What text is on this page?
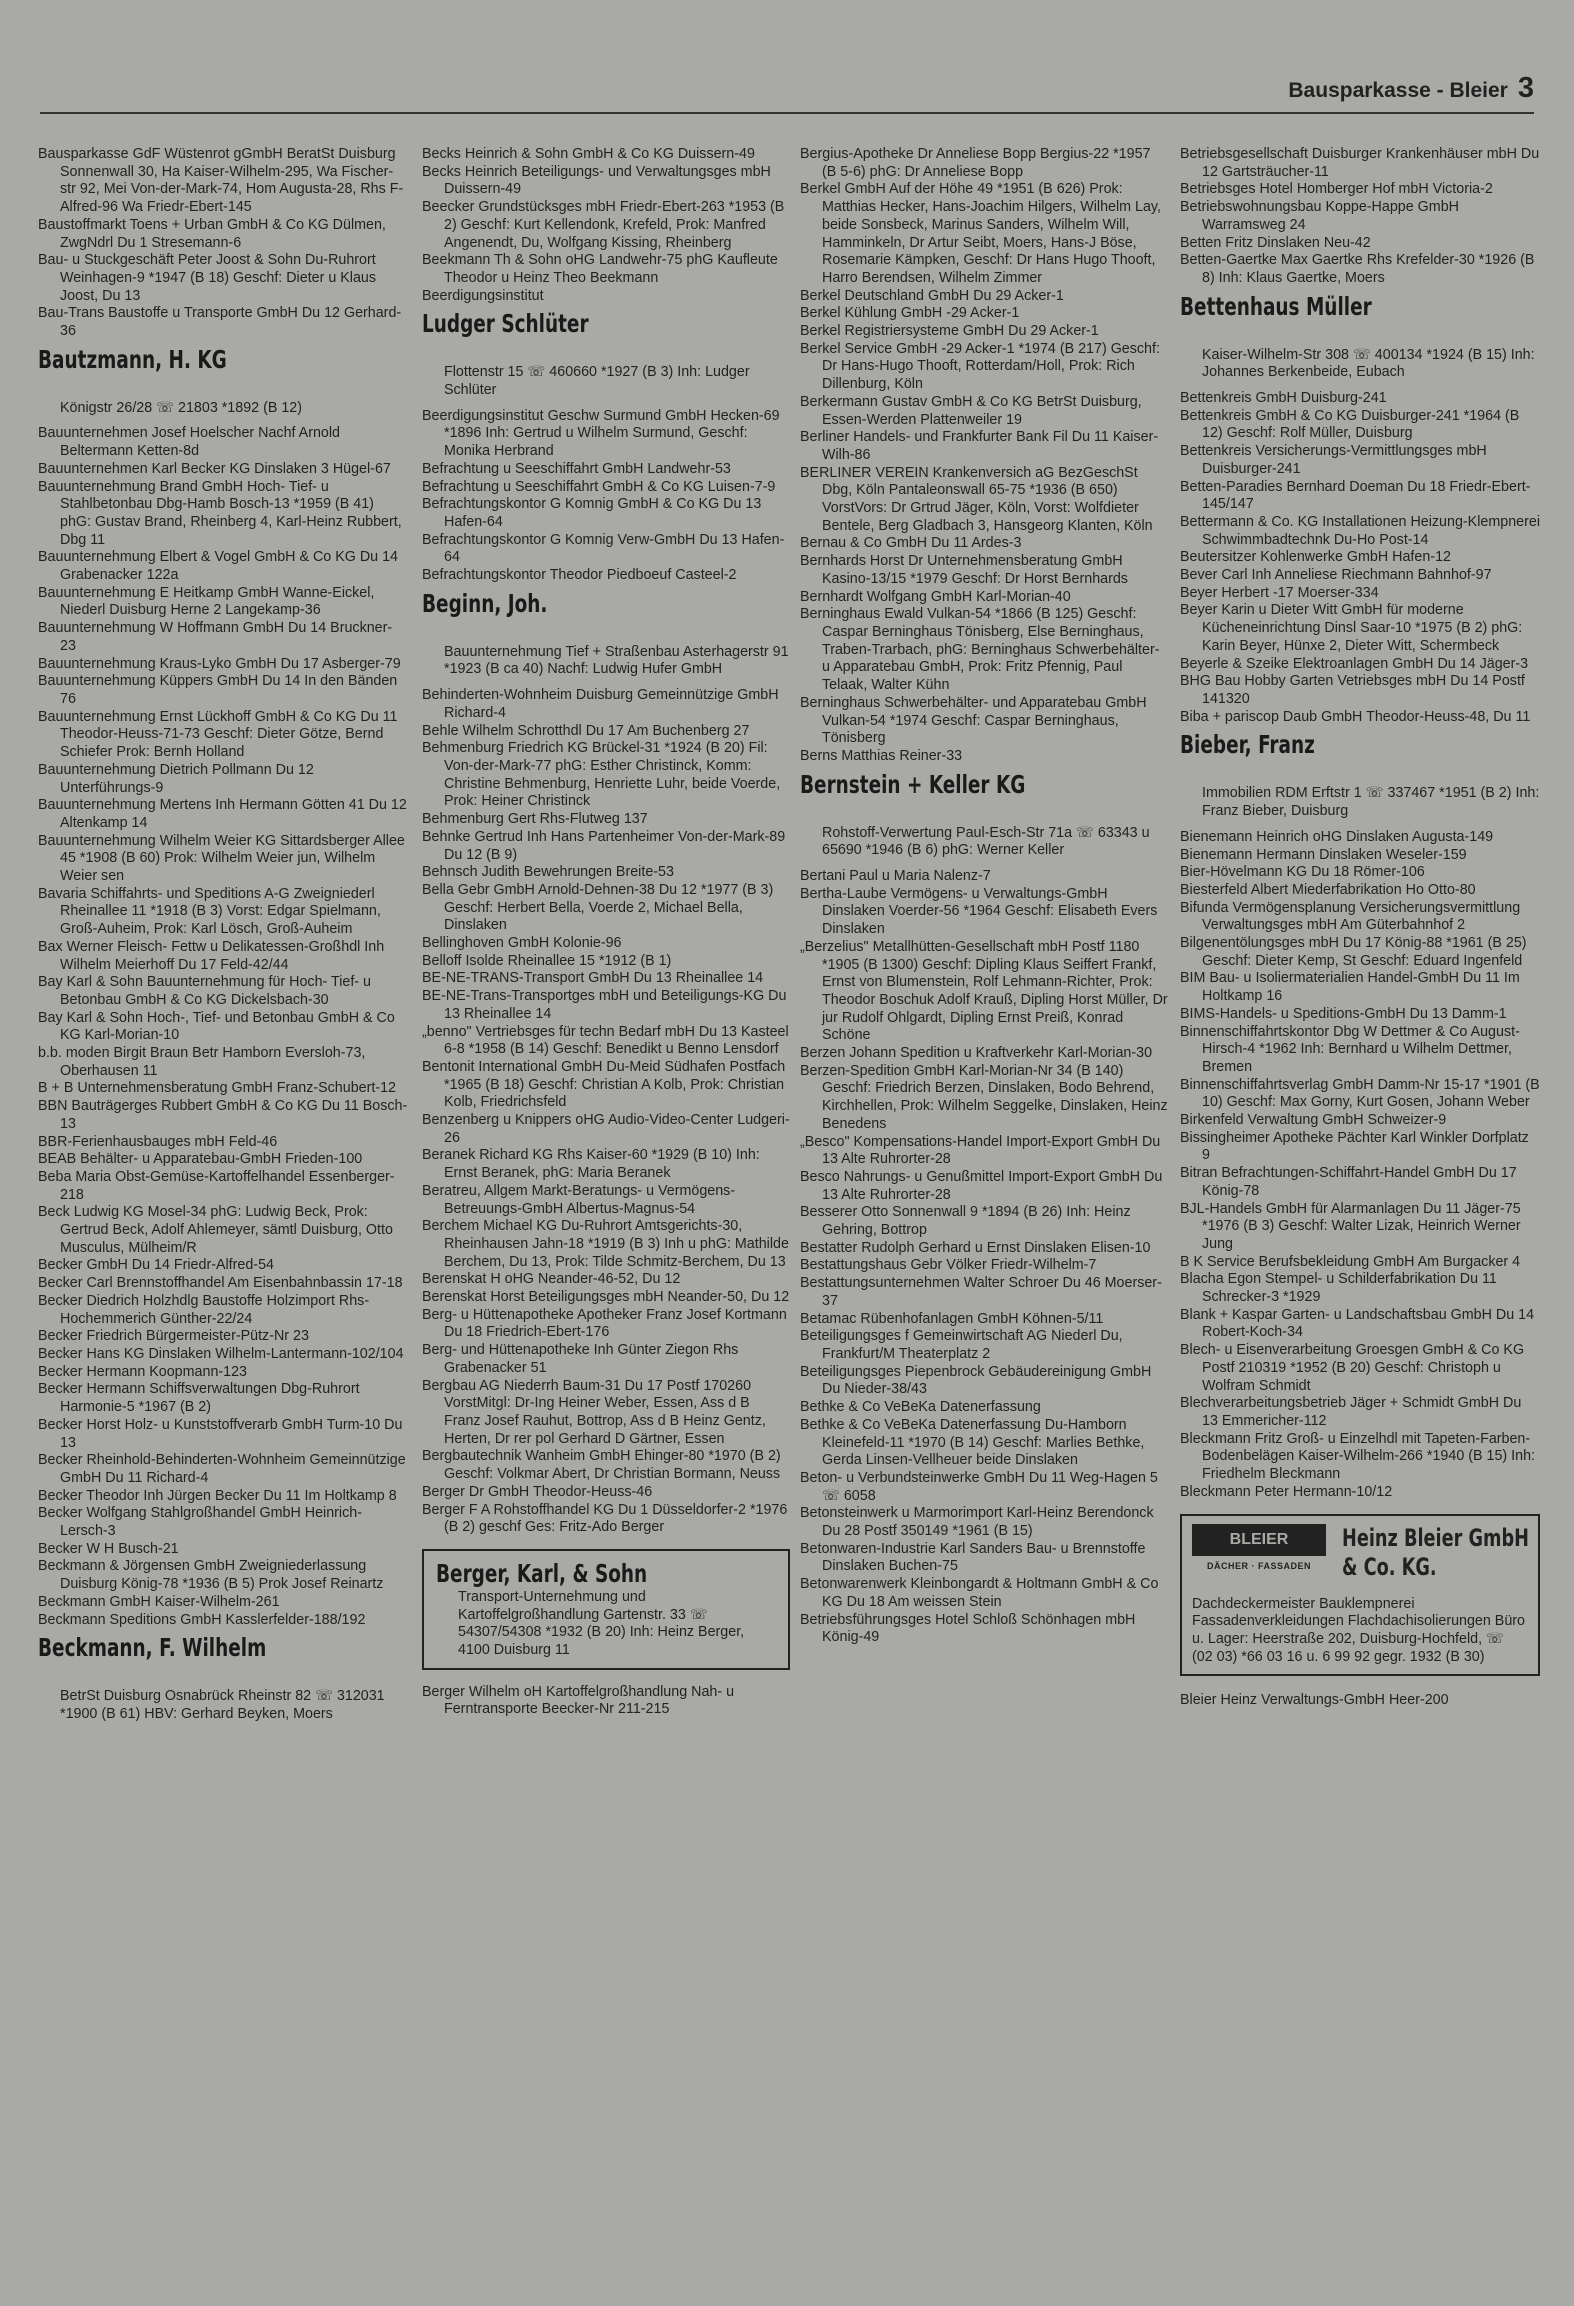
Bausparkasse - Bleier 3

Bausparkasse GdF Wüstenrot gGmbH BeratSt Duisburg Sonnenwall 30, Ha Kaiser-Wilhelm-295, Wa Fischer-str 92, Mei Von-der-Mark-74, Hom Augusta-28, Rhs F-Alfred-96 Wa Friedr-Ebert-145

Baustoffmarkt Toens + Urban GmbH & Co KG Dülmen, ZwgNdrl Du 1 Stresemann-6

Bau- u Stuckgeschäft Peter Joost & Sohn Du-Ruhrort Weinhagen-9 *1947 (B 18) Geschf: Dieter u Klaus Joost, Du 13

Bau-Trans Baustoffe u Transporte GmbH Du 12 Gerhard-36

Bautzmann, H. KG

Königstr 26/28 ☏ 21803 *1892 (B 12)

Bauunternehmen Josef Hoelscher Nachf Arnold Beltermann Ketten-8d

Bauunternehmen Karl Becker KG Dinslaken 3 Hügel-67

Bauunternehmung Brand GmbH Hoch- Tief- u Stahlbetonbau Dbg-Hamb Bosch-13 *1959 (B 41) phG: Gustav Brand, Rheinberg 4, Karl-Heinz Rubbert, Dbg 11

Bauunternehmung Elbert & Vogel GmbH & Co KG Du 14 Grabenacker 122a

Bauunternehmung E Heitkamp GmbH Wanne-Eickel, Niederl Duisburg Herne 2 Langekamp-36

Bauunternehmung W Hoffmann GmbH Du 14 Bruckner-23

Bauunternehmung Kraus-Lyko GmbH Du 17 Asberger-79

Bauunternehmung Küppers GmbH Du 14 In den Bänden 76

Bauunternehmung Ernst Lückhoff GmbH & Co KG Du 11 Theodor-Heuss-71-73 Geschf: Dieter Götze, Bernd Schiefer Prok: Bernh Holland

Bauunternehmung Dietrich Pollmann Du 12 Unterführungs-9

Bauunternehmung Mertens Inh Hermann Götten 41 Du 12 Altenkamp 14

Bauunternehmung Wilhelm Weier KG Sittardsberger Allee 45 *1908 (B 60) Prok: Wilhelm Weier jun, Wilhelm Weier sen

Bavaria Schiffahrts- und Speditions A-G Zweigniederl Rheinallee 11 *1918 (B 3) Vorst: Edgar Spielmann, Groß-Auheim, Prok: Karl Lösch, Groß-Auheim

Bax Werner Fleisch- Fettw u Delikatessen-Großhdl Inh Wilhelm Meierhoff Du 17 Feld-42/44

Bay Karl & Sohn Bauunternehmung für Hoch- Tief- u Betonbau GmbH & Co KG Dickelsbach-30

Bay Karl & Sohn Hoch-, Tief- und Betonbau GmbH & Co KG Karl-Morian-10

b.b. moden Birgit Braun Betr Hamborn Eversloh-73, Oberhausen 11

B + B Unternehmensberatung GmbH Franz-Schubert-12

BBN Bauträgerges Rubbert GmbH & Co KG Du 11 Bosch-13

BBR-Ferienhausbauges mbH Feld-46

BEAB Behälter- u Apparatebau-GmbH Frieden-100

Beba Maria Obst-Gemüse-Kartoffelhandel Essenberger-218

Beck Ludwig KG Mosel-34 phG: Ludwig Beck, Prok: Gertrud Beck, Adolf Ahlemeyer, sämtl Duisburg, Otto Musculus, Mülheim/R

Becker GmbH Du 14 Friedr-Alfred-54

Becker Carl Brennstoffhandel Am Eisenbahnbassin 17-18

Becker Diedrich Holzhdlg Baustoffe Holzimport Rhs-Hochemmerich Günther-22/24

Becker Friedrich Bürgermeister-Pütz-Nr 23

Becker Hans KG Dinslaken Wilhelm-Lantermann-102/104

Becker Hermann Koopmann-123

Becker Hermann Schiffsverwaltungen Dbg-Ruhrort Harmonie-5 *1967 (B 2)

Becker Horst Holz- u Kunststoffverarb GmbH Turm-10 Du 13

Becker Rheinhold-Behinderten-Wohnheim Gemeinnützige GmbH Du 11 Richard-4

Becker Theodor Inh Jürgen Becker Du 11 Im Holtkamp 8

Becker Wolfgang Stahlgroßhandel GmbH Heinrich-Lersch-3

Becker W H Busch-21

Beckmann & Jörgensen GmbH Zweigniederlassung Duisburg König-78 *1936 (B 5) Prok Josef Reinartz

Beckmann GmbH Kaiser-Wilhelm-261

Beckmann Speditions GmbH Kasslerfelder-188/192

Beckmann, F. Wilhelm

BetrSt Duisburg Osnabrück Rheinstr 82 ☏ 312031 *1900 (B 61) HBV: Gerhard Beyken, Moers

Becks Heinrich & Sohn GmbH & Co KG Duissern-49

Becks Heinrich Beteiligungs- und Verwaltungsges mbH Duissern-49

Beecker Grundstücksges mbH Friedr-Ebert-263 *1953 (B 2) Geschf: Kurt Kellendonk, Krefeld, Prok: Manfred Angenendt, Du, Wolfgang Kissing, Rheinberg

Beekmann Th & Sohn oHG Landwehr-75 phG Kaufleute Theodor u Heinz Theo Beekmann

Beerdigungsinstitut

Ludger Schlüter

Flottenstr 15 ☏ 460660 *1927 (B 3) Inh: Ludger Schlüter

Beerdigungsinstitut Geschw Surmund GmbH Hecken-69 *1896 Inh: Gertrud u Wilhelm Surmund, Geschf: Monika Herbrand

Befrachtung u Seeschiffahrt GmbH Landwehr-53

Befrachtung u Seeschiffahrt GmbH & Co KG Luisen-7-9

Befrachtungskontor G Komnig GmbH & Co KG Du 13 Hafen-64

Befrachtungskontor G Komnig Verw-GmbH Du 13 Hafen-64

Befrachtungskontor Theodor Piedboeuf Casteel-2

Beginn, Joh.

Bauunternehmung Tief + Straßenbau Asterhagerstr 91 *1923 (B ca 40) Nachf: Ludwig Hufer GmbH

Behinderten-Wohnheim Duisburg Gemeinnützige GmbH Richard-4

Behle Wilhelm Schrotthdl Du 17 Am Buchenberg 27

Behmenburg Friedrich KG Brückel-31 *1924 (B 20) Fil: Von-der-Mark-77 phG: Esther Christinck, Komm: Christine Behmenburg, Henriette Luhr, beide Voerde, Prok: Heiner Christinck

Behmenburg Gert Rhs-Flutweg 137

Behnke Gertrud Inh Hans Partenheimer Von-der-Mark-89 Du 12 (B 9)

Behnsch Judith Bewehrungen Breite-53

Bella Gebr GmbH Arnold-Dehnen-38 Du 12 *1977 (B 3) Geschf: Herbert Bella, Voerde 2, Michael Bella, Dinslaken

Bellinghoven GmbH Kolonie-96

Belloff Isolde Rheinallee 15 *1912 (B 1)

BE-NE-TRANS-Transport GmbH Du 13 Rheinallee 14

BE-NE-Trans-Transportges mbH und Beteiligungs-KG Du 13 Rheinallee 14

„benno" Vertriebsges für techn Bedarf mbH Du 13 Kasteel 6-8 *1958 (B 14) Geschf: Benedikt u Benno Lensdorf

Bentonit International GmbH Du-Meid Südhafen Postfach *1965 (B 18) Geschf: Christian A Kolb, Prok: Christian Kolb, Friedrichsfeld

Benzenberg u Knippers oHG Audio-Video-Center Ludgeri-26

Beranek Richard KG Rhs Kaiser-60 *1929 (B 10) Inh: Ernst Beranek, phG: Maria Beranek

Beratreu, Allgem Markt-Beratungs- u Vermögens-Betreuungs-GmbH Albertus-Magnus-54

Berchem Michael KG Du-Ruhrort Amtsgerichts-30, Rheinhausen Jahn-18 *1919 (B 3) Inh u phG: Mathilde Berchem, Du 13, Prok: Tilde Schmitz-Berchem, Du 13

Berenskat H oHG Neander-46-52, Du 12

Berenskat Horst Beteiligungsges mbH Neander-50, Du 12

Berg- u Hüttenapotheke Apotheker Franz Josef Kortmann Du 18 Friedrich-Ebert-176

Berg- und Hüttenapotheke Inh Günter Ziegon Rhs Grabenacker 51

Bergbau AG Niederrh Baum-31 Du 17 Postf 170260 VorstMitgl: Dr-Ing Heiner Weber, Essen, Ass d B Franz Josef Rauhut, Bottrop, Ass d B Heinz Gentz, Herten, Dr rer pol Gerhard D Gärtner, Essen

Bergbautechnik Wanheim GmbH Ehinger-80 *1970 (B 2) Geschf: Volkmar Abert, Dr Christian Bormann, Neuss

Berger Dr GmbH Theodor-Heuss-46

Berger F A Rohstoffhandel KG Du 1 Düsseldorfer-2 *1976 (B 2) geschf Ges: Fritz-Ado Berger

Berger, Karl, & Sohn

Transport-Unternehmung und Kartoffelgroßhandlung Gartenstr. 33 ☏ 54307/54308 *1932 (B 20) Inh: Heinz Berger, 4100 Duisburg 11

Berger Wilhelm oH Kartoffelgroßhandlung Nah- u Ferntransporte Beecker-Nr 211-215

Bergius-Apotheke Dr Anneliese Bopp Bergius-22 *1957 (B 5-6) phG: Dr Anneliese Bopp

Berkel GmbH Auf der Höhe 49 *1951 (B 626) Prok: Matthias Hecker, Hans-Joachim Hilgers, Wilhelm Lay, beide Sonsbeck, Marinus Sanders, Wilhelm Will, Hamminkeln, Dr Artur Seibt, Moers, Hans-J Böse, Rosemarie Kämpken, Geschf: Dr Hans Hugo Thooft, Harro Berendsen, Wilhelm Zimmer

Berkel Deutschland GmbH Du 29 Acker-1

Berkel Kühlung GmbH -29 Acker-1

Berkel Registriersysteme GmbH Du 29 Acker-1

Berkel Service GmbH -29 Acker-1 *1974 (B 217) Geschf: Dr Hans-Hugo Thooft, Rotterdam/Holl, Prok: Rich Dillenburg, Köln

Berkermann Gustav GmbH & Co KG BetrSt Duisburg, Essen-Werden Plattenweiler 19

Berliner Handels- und Frankfurter Bank Fil Du 11 Kaiser-Wilh-86

BERLINER VEREIN Krankenversich aG BezGeschSt Dbg, Köln Pantaleonswall 65-75 *1936 (B 650) VorstVors: Dr Grtrud Jäger, Köln, Vorst: Wolfdieter Bentele, Berg Gladbach 3, Hansgeorg Klanten, Köln

Bernau & Co GmbH Du 11 Ardes-3

Bernhards Horst Dr Unternehmensberatung GmbH Kasino-13/15 *1979 Geschf: Dr Horst Bernhards

Bernhardt Wolfgang GmbH Karl-Morian-40

Berninghaus Ewald Vulkan-54 *1866 (B 125) Geschf: Caspar Berninghaus Tönisberg, Else Berninghaus, Traben-Trarbach, phG: Berninghaus Schwerbehälter- u Apparatebau GmbH, Prok: Fritz Pfennig, Paul Telaak, Walter Kühn

Berninghaus Schwerbehälter- und Apparatebau GmbH Vulkan-54 *1974 Geschf: Caspar Berninghaus, Tönisberg

Berns Matthias Reiner-33

Bernstein + Keller KG

Rohstoff-Verwertung Paul-Esch-Str 71a ☏ 63343 u 65690 *1946 (B 6) phG: Werner Keller

Bertani Paul u Maria Nalenz-7

Bertha-Laube Vermögens- u Verwaltungs-GmbH Dinslaken Voerder-56 *1964 Geschf: Elisabeth Evers Dinslaken

„Berzelius" Metallhütten-Gesellschaft mbH Postf 1180 *1905 (B 1300) Geschf: Dipling Klaus Seiffert Frankf, Ernst von Blumenstein, Rolf Lehmann-Richter, Prok: Theodor Boschuk Adolf Krauß, Dipling Horst Müller, Dr jur Rudolf Ohlgardt, Dipling Ernst Preiß, Konrad Schöne

Berzen Johann Spedition u Kraftverkehr Karl-Morian-30

Berzen-Spedition GmbH Karl-Morian-Nr 34 (B 140) Geschf: Friedrich Berzen, Dinslaken, Bodo Behrend, Kirchhellen, Prok: Wilhelm Seggelke, Dinslaken, Heinz Benedens

„Besco" Kompensations-Handel Import-Export GmbH Du 13 Alte Ruhrorter-28

Besco Nahrungs- u Genußmittel Import-Export GmbH Du 13 Alte Ruhrorter-28

Besserer Otto Sonnenwall 9 *1894 (B 26) Inh: Heinz Gehring, Bottrop

Bestatter Rudolph Gerhard u Ernst Dinslaken Elisen-10

Bestattungshaus Gebr Völker Friedr-Wilhelm-7

Bestattungsunternehmen Walter Schroer Du 46 Moerser-37

Betamac Rübenhofanlagen GmbH Köhnen-5/11

Beteiligungsges f Gemeinwirtschaft AG Niederl Du, Frankfurt/M Theaterplatz 2

Beteiligungsges Piepenbrock Gebäudereinigung GmbH Du Nieder-38/43

Bethke & Co VeBeKa Datenerfassung

Bethke & Co VeBeKa Datenerfassung Du-Hamborn Kleinefeld-11 *1970 (B 14) Geschf: Marlies Bethke, Gerda Linsen-Vellheuer beide Dinslaken

Beton- u Verbundsteinwerke GmbH Du 11 Weg-Hagen 5 ☏ 6058

Betonsteinwerk u Marmorimport Karl-Heinz Berendonck Du 28 Postf 350149 *1961 (B 15)

Betonwaren-Industrie Karl Sanders Bau- u Brennstoffe Dinslaken Buchen-75

Betonwarenwerk Kleinbongardt & Holtmann GmbH & Co KG Du 18 Am weissen Stein

Betriebsführungsges Hotel Schloß Schönhagen mbH König-49

Betriebsgesellschaft Duisburger Krankenhäuser mbH Du 12 Gartsträucher-11

Betriebsges Hotel Homberger Hof mbH Victoria-2

Betriebswohnungsbau Koppe-Happe GmbH Warramsweg 24

Betten Fritz Dinslaken Neu-42

Betten-Gaertke Max Gaertke Rhs Krefelder-30 *1926 (B 8) Inh: Klaus Gaertke, Moers

Bettenhaus Müller

Kaiser-Wilhelm-Str 308 ☏ 400134 *1924 (B 15) Inh: Johannes Berkenbeide, Eubach

Bettenkreis GmbH Duisburg-241

Bettenkreis GmbH & Co KG Duisburger-241 *1964 (B 12) Geschf: Rolf Müller, Duisburg

Bettenkreis Versicherungs-Vermittlungsges mbH Duisburger-241

Betten-Paradies Bernhard Doeman Du 18 Friedr-Ebert-145/147

Bettermann & Co. KG Installationen Heizung-Klempnerei Schwimmbadtechnk Du-Ho Post-14

Beutersitzer Kohlenwerke GmbH Hafen-12

Bever Carl Inh Anneliese Riechmann Bahnhof-97

Beyer Herbert -17 Moerser-334

Beyer Karin u Dieter Witt GmbH für moderne Kücheneinrichtung Dinsl Saar-10 *1975 (B 2) phG: Karin Beyer, Hünxe 2, Dieter Witt, Schermbeck

Beyerle & Szeike Elektroanlagen GmbH Du 14 Jäger-3

BHG Bau Hobby Garten Vetriebsges mbH Du 14 Postf 141320

Biba + pariscop Daub GmbH Theodor-Heuss-48, Du 11

Bieber, Franz

Immobilien RDM Erftstr 1 ☏ 337467 *1951 (B 2) Inh: Franz Bieber, Duisburg

Bienemann Heinrich oHG Dinslaken Augusta-149

Bienemann Hermann Dinslaken Weseler-159

Bier-Hövelmann KG Du 18 Römer-106

Biesterfeld Albert Miederfabrikation Ho Otto-80

Bifunda Vermögensplanung Versicherungsvermittlung Verwaltungsges mbH Am Güterbahnhof 2

Bilgenentölungsges mbH Du 17 König-88 *1961 (B 25) Geschf: Dieter Kemp, St Geschf: Eduard Ingenfeld

BIM Bau- u Isoliermaterialien Handel-GmbH Du 11 Im Holtkamp 16

BIMS-Handels- u Speditions-GmbH Du 13 Damm-1

Binnenschiffahrtskontor Dbg W Dettmer & Co August-Hirsch-4 *1962 Inh: Bernhard u Wilhelm Dettmer, Bremen

Binnenschiffahrtsverlag GmbH Damm-Nr 15-17 *1901 (B 10) Geschf: Max Gorny, Kurt Gosen, Johann Weber

Birkenfeld Verwaltung GmbH Schweizer-9

Bissingheimer Apotheke Pächter Karl Winkler Dorfplatz 9

Bitran Befrachtungen-Schiffahrt-Handel GmbH Du 17 König-78

BJL-Handels GmbH für Alarmanlagen Du 11 Jäger-75 *1976 (B 3) Geschf: Walter Lizak, Heinrich Werner Jung

B K Service Berufsbekleidung GmbH Am Burgacker 4

Blacha Egon Stempel- u Schilderfabrikation Du 11 Schrecker-3 *1929

Blank + Kaspar Garten- u Landschaftsbau GmbH Du 14 Robert-Koch-34

Blech- u Eisenverarbeitung Groesgen GmbH & Co KG Postf 210319 *1952 (B 20) Geschf: Christoph u Wolfram Schmidt

Blechverarbeitungsbetrieb Jäger + Schmidt GmbH Du 13 Emmericher-112

Bleckmann Fritz Groß- u Einzelhdl mit Tapeten-Farben-Bodenbelägen Kaiser-Wilhelm-266 *1940 (B 15) Inh: Friedhelm Bleckmann

Bleckmann Peter Hermann-10/12

BLEIER
DÄCHER · FASSADEN
Heinz Bleier GmbH & Co. KG.
Dachdeckermeister Bauklempnerei Fassadenverkleidungen Flachdachisolierungen Büro u. Lager: Heerstraße 202, Duisburg-Hochfeld, ☏ (02 03) *66 03 16 u. 6 99 92 gegr. 1932 (B 30)

Bleier Heinz Verwaltungs-GmbH Heer-200
